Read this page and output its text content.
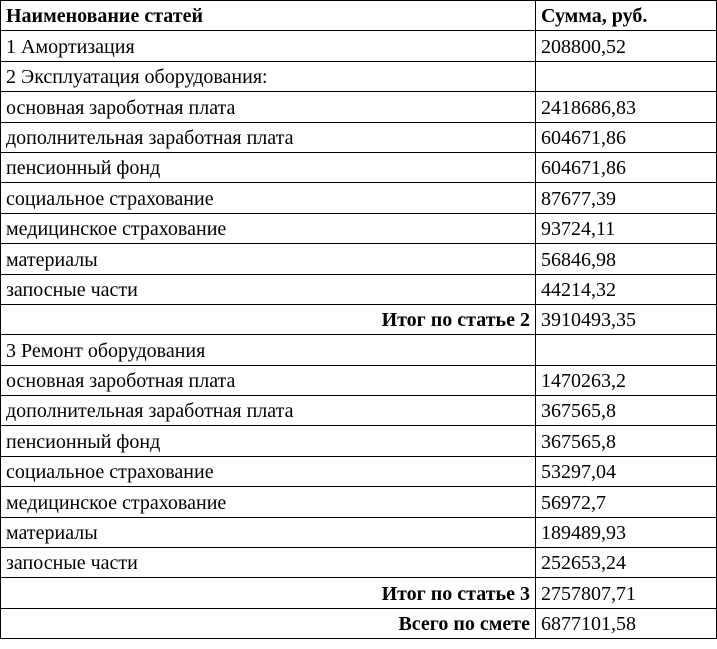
Наименование статей	Сумма, руб.
1 Амортизация	208800,52
2 Эксплуатация оборудования:	
основная зароботная плата	2418686,83
дополнительная заработная плата	604671,86
пенсионный фонд	604671,86
социальное страхование	87677,39
медицинское страхование	93724,11
материалы	56846,98
запосные части	44214,32
Итог по статье 2	3910493,35
3 Ремонт оборудования	
основная зароботная плата	1470263,2
дополнительная заработная плата	367565,8
пенсионный фонд	367565,8
социальное страхование	53297,04
медицинское страхование	56972,7
материалы	189489,93
запосные части	252653,24
Итог по статье 3	2757807,71
Всего по смете	6877101,58
